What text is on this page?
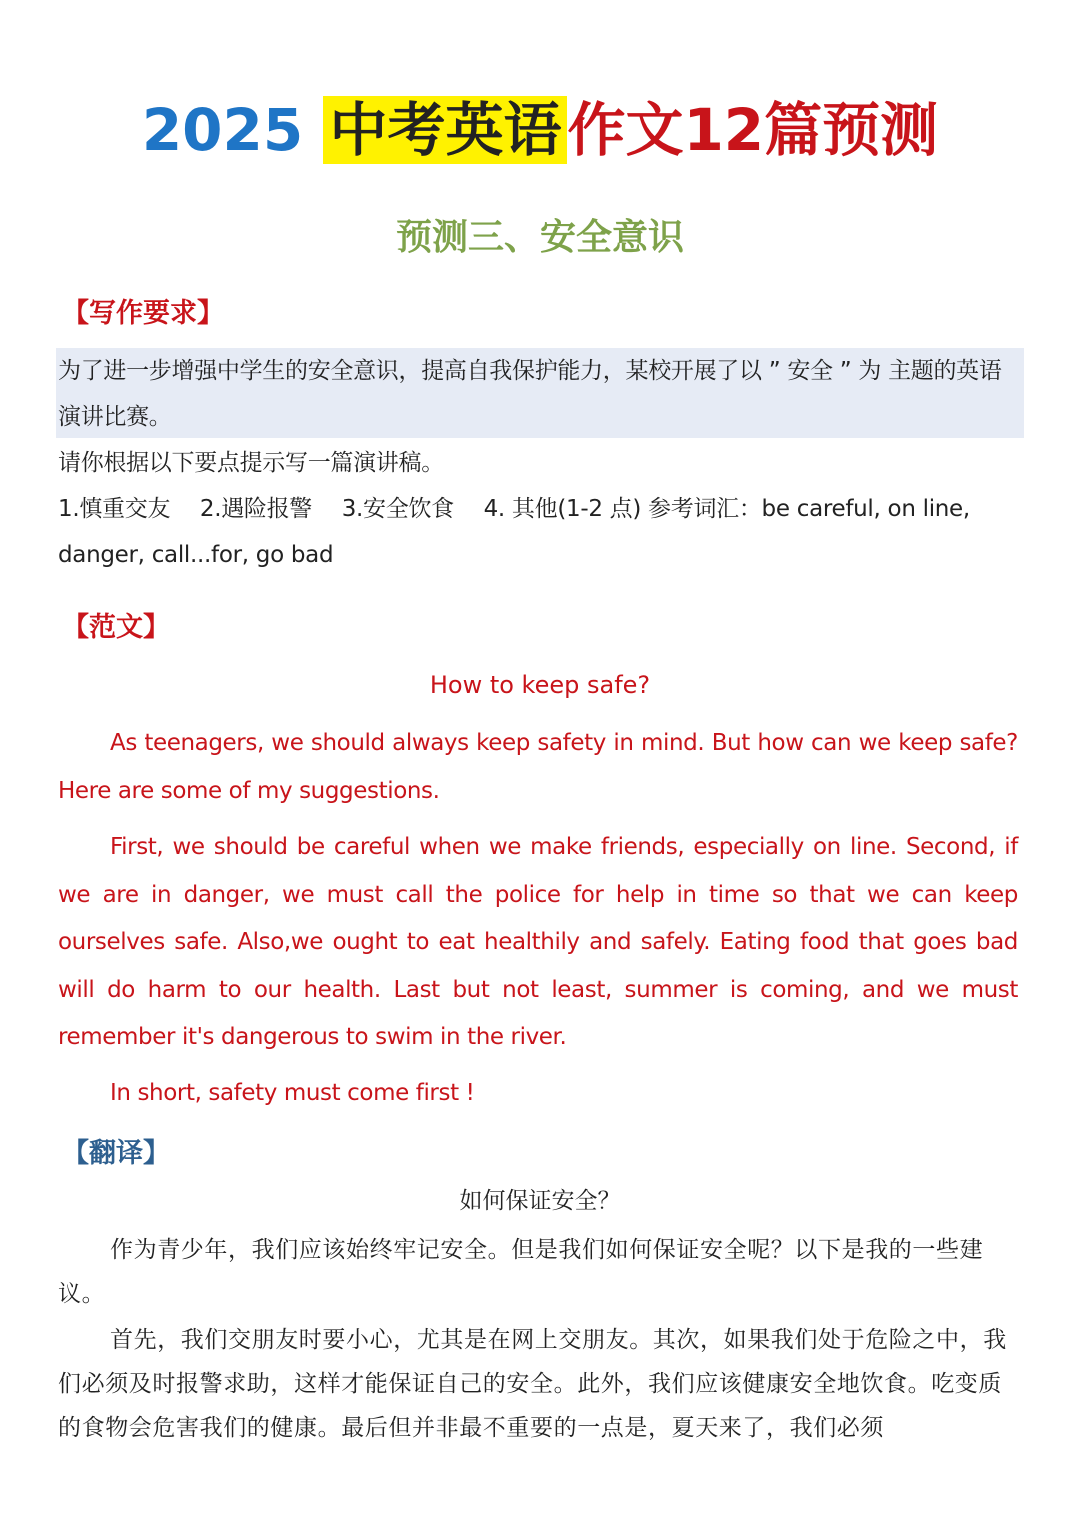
2025 中考英语 作文12篇预测
预测三、安全意识
【写作要求】
为了进一步增强中学生的安全意识，提高自我保护能力，某校开展了以 ” 安全 ” 为 主题的英语演讲比赛。
请你根据以下要点提示写一篇演讲稿。
1.慎重交友　 2.遇险报警　 3.安全饮食　 4. 其他(1-2 点) 参考词汇：be careful, on line, danger, call...for, go bad
【范文】
How to keep safe?
As teenagers, we should always keep safety in mind. But how can we keep safe? Here are some of my suggestions.
First, we should be careful when we make friends, especially on line. Second, if we are in danger, we must call the police for help in time so that we can keep ourselves safe. Also,we ought to eat healthily and safely. Eating food that goes bad will do harm to our health. Last but not least, summer is coming, and we must remember it's dangerous to swim in the river.
In short, safety must come first !
【翻译】
如何保证安全？
作为青少年，我们应该始终牢记安全。但是我们如何保证安全呢？以下是我的一些建议。
首先，我们交朋友时要小心，尤其是在网上交朋友。其次，如果我们处于危险之中，我们必须及时报警求助，这样才能保证自己的安全。此外，我们应该健康安全地饮食。吃变质的食物会危害我们的健康。最后但并非最不重要的一点是，夏天来了，我们必须
